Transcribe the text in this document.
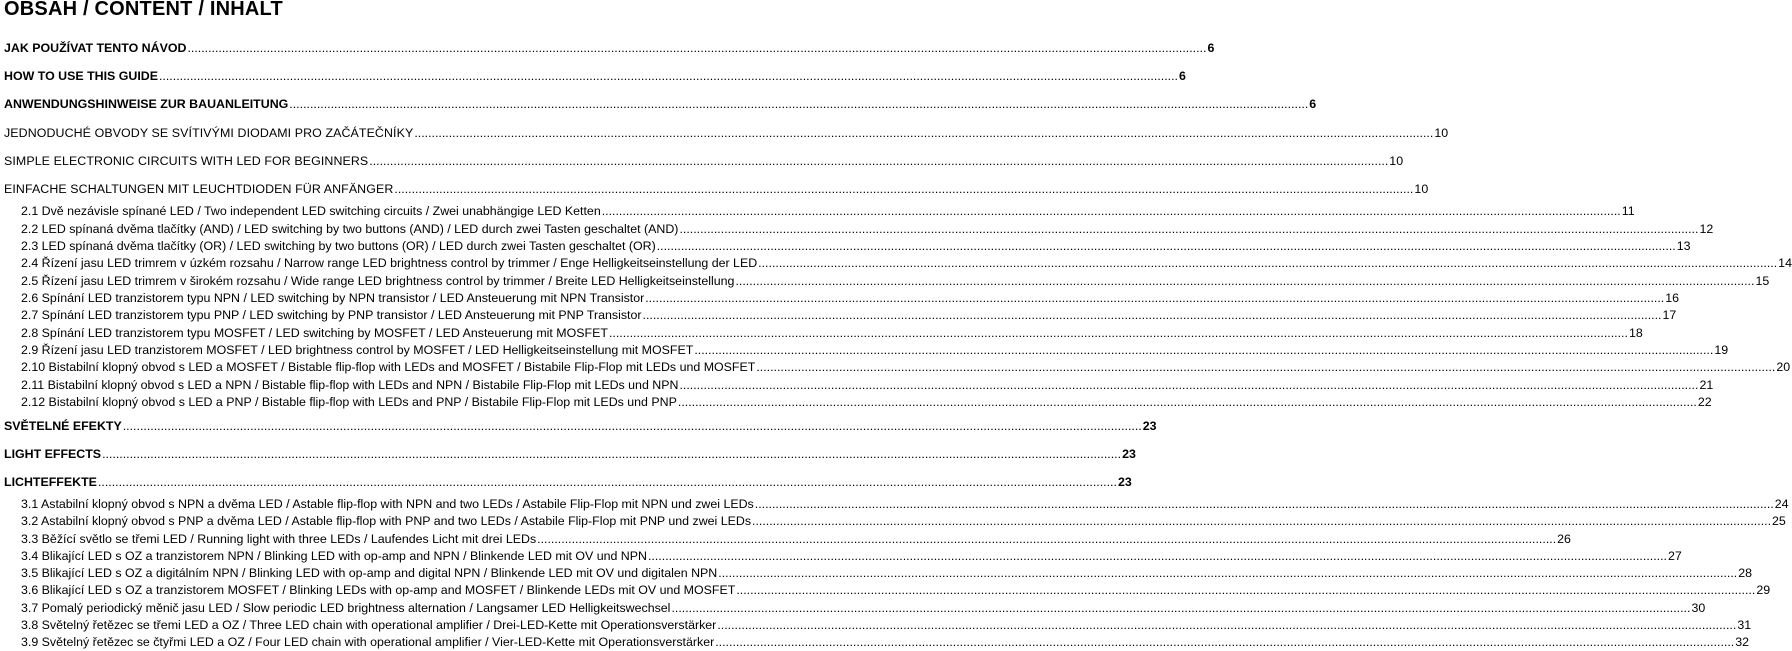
OBSAH / CONTENT / INHALT
JAK POUŽÍVAT TENTO NÁVOD .....	6
HOW TO USE THIS GUIDE .....	6
ANWENDUNGSHINWEISE ZUR BAUANLEITUNG .....	6
JEDNODUCHÉ OBVODY SE SVÍTIVÝMI DIODAMI PRO ZAČÁTEČNÍKY .....	10
SIMPLE ELECTRONIC CIRCUITS WITH LED FOR BEGINNERS .....	10
EINFACHE SCHALTUNGEN MIT LEUCHTDIODEN FÜR ANFÄNGER .....	10
2.1 Dvě nezávisle spínané LED / Two independent LED switching circuits / Zwei unabhängige LED Ketten .....	11
2.2 LED spínaná dvěma tlačítky (AND) / LED switching by two buttons (AND) / LED durch zwei Tasten geschaltet (AND) .....	12
2.3 LED spínaná dvěma tlačítky (OR) / LED switching by two buttons (OR) / LED durch zwei Tasten geschaltet (OR) .....	13
2.4 Řízení jasu LED trimrem v úzkém rozsahu / Narrow range LED brightness control by trimmer / Enge Helligkeitseinstellung der LED .....	14
2.5 Řízení jasu LED trimrem v širokém rozsahu / Wide range LED brightness control by trimmer / Breite LED Helligkeitseinstellung .....	15
2.6 Spínání LED tranzistorem typu NPN / LED switching by NPN transistor / LED Ansteuerung mit NPN Transistor .....	16
2.7 Spínání LED tranzistorem typu PNP / LED switching by PNP transistor / LED Ansteuerung mit PNP Transistor .....	17
2.8 Spínání LED tranzistorem typu MOSFET / LED switching by MOSFET / LED Ansteuerung mit MOSFET .....	18
2.9 Řízení jasu LED tranzistorem MOSFET / LED brightness control by MOSFET / LED Helligkeitseinstellung mit MOSFET .....	19
2.10 Bistabilní klopný obvod s LED a MOSFET / Bistable flip-flop with LEDs and MOSFET / Bistabile Flip-Flop mit LEDs und MOSFET .....	20
2.11 Bistabilní klopný obvod s LED a NPN / Bistable flip-flop with LEDs and NPN / Bistabile Flip-Flop mit LEDs und NPN .....	21
2.12 Bistabilní klopný obvod s LED a PNP / Bistable flip-flop with LEDs and PNP / Bistabile Flip-Flop mit LEDs und PNP .....	22
SVĚTELNÉ EFEKTY .....	23
LIGHT EFFECTS .....	23
LICHTEFFEKTE .....	23
3.1 Astabilní klopný obvod s NPN a dvěma LED / Astable flip-flop with NPN and two LEDs / Astabile Flip-Flop mit NPN und zwei LEDs .....	24
3.2 Astabilní klopný obvod s PNP a dvěma LED / Astable flip-flop with PNP and two LEDs / Astabile Flip-Flop mit PNP und zwei LEDs .....	25
3.3 Běžící světlo se třemi LED / Running light with three LEDs / Laufendes Licht mit drei LEDs .....	26
3.4 Blikající LED s OZ a tranzistorem NPN / Blinking LED with op-amp and NPN / Blinkende LED mit OV und NPN .....	27
3.5 Blikající LED s OZ a digitálním NPN / Blinking LED with op-amp and digital NPN / Blinkende LED mit OV und digitalen NPN .....	28
3.6 Blikající LED s OZ a tranzistorem MOSFET / Blinking LEDs with op-amp and MOSFET / Blinkende LEDs mit OV und MOSFET .....	29
3.7 Pomalý periodický měnič jasu LED / Slow periodic LED brightness alternation / Langsamer LED Helligkeitswechsel .....	30
3.8 Světelný řetězec se třemi LED a OZ / Three LED chain with operational amplifier / Drei-LED-Kette mit Operationsverstärker .....	31
3.9 Světelný řetězec se čtyřmi LED a OZ / Four LED chain with operational amplifier / Vier-LED-Kette mit Operationsverstärker .....	32
